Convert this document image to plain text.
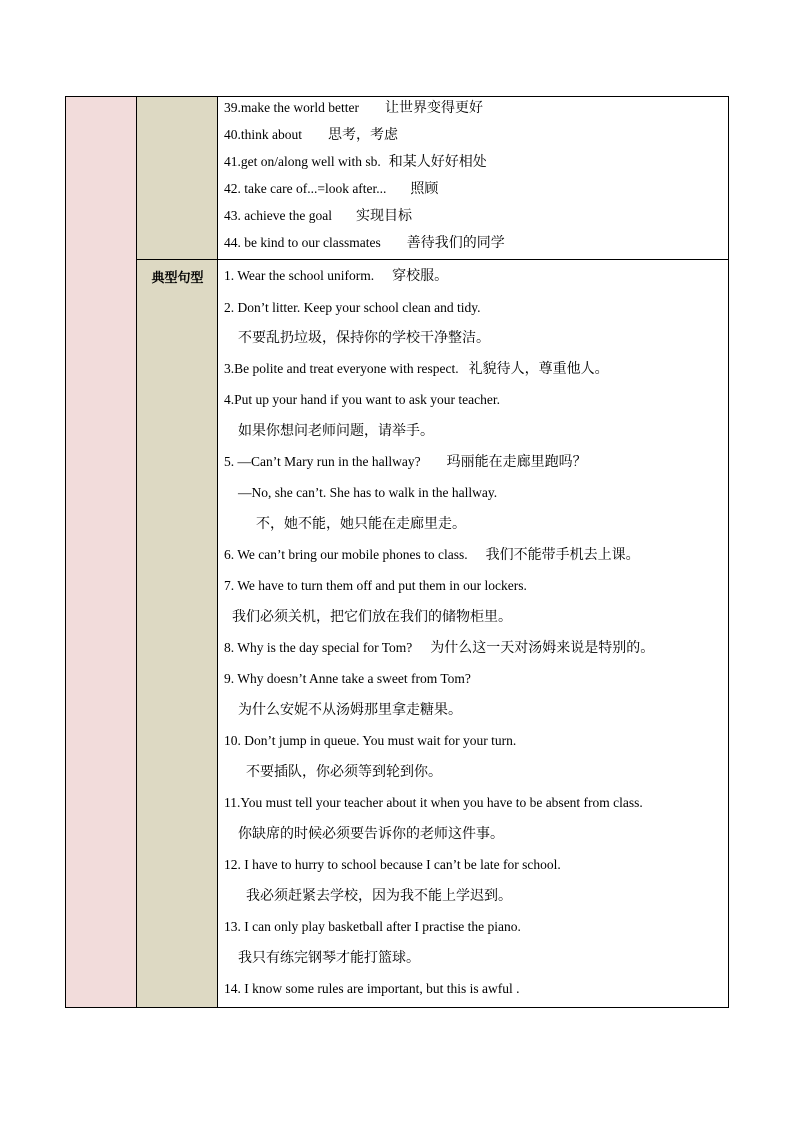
典型句型
39.make the world better 让世界变得更好
40.think about 思考，考虑
41.get on/along well with sb. 和某人好好相处
42. take care of...=look after... 照顾
43. achieve the goal 实现目标
44. be kind to our classmates 善待我们的同学
1. Wear the school uniform. 穿校服。
2. Don’t litter. Keep your school clean and tidy.
不要乱扔垃圾，保持你的学校干净整洁。
3.Be polite and treat everyone with respect. 礼貌待人，尊重他人。
4.Put up your hand if you want to ask your teacher.
如果你想问老师问题，请举手。
5. —Can’t Mary run in the hallway? 玛丽能在走廊里跑吗？
—No, she can’t. She has to walk in the hallway.
不，她不能，她只能在走廊里走。
6. We can’t bring our mobile phones to class. 我们不能带手机去上课。
7. We have to turn them off and put them in our lockers.
我们必须关机，把它们放在我们的储物柜里。
8. Why is the day special for Tom? 为什么这一天对汤姆来说是特别的。
9. Why doesn’t Anne take a sweet from Tom?
为什么安妮不从汤姆那里拿走糖果。
10. Don’t jump in queue. You must wait for your turn.
不要插队，你必须等到轮到你。
11.You must tell your teacher about it when you have to be absent from class.
你缺席的时候必须要告诉你的老师这件事。
12. I have to hurry to school because I can’t be late for school.
我必须赶紧去学校，因为我不能上学迟到。
13. I can only play basketball after I practise the piano.
我只有练完钢琴才能打篮球。
14. I know some rules are important, but this is awful .
